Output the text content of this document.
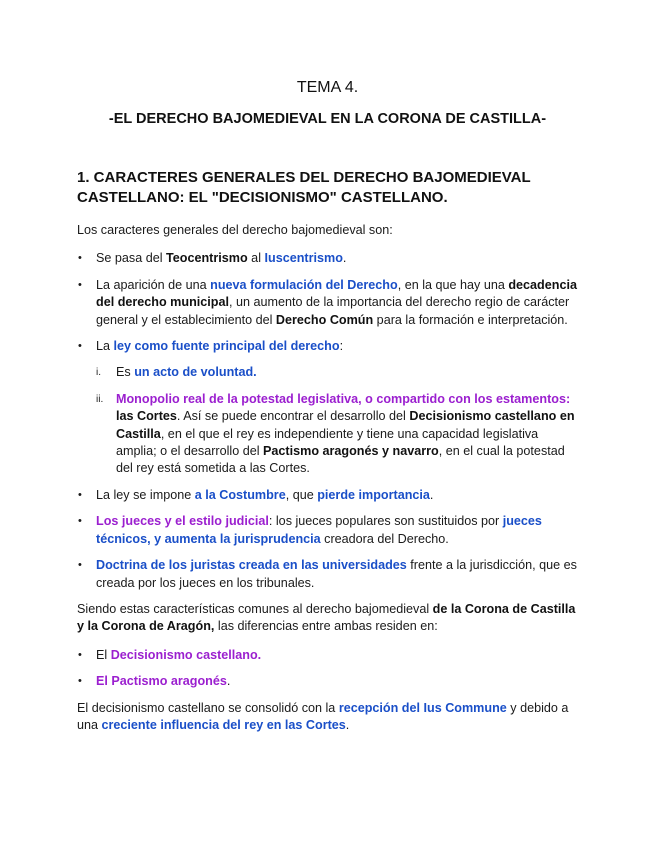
TEMA 4.
-EL DERECHO BAJOMEDIEVAL EN LA CORONA DE CASTILLA-
1. CARACTERES GENERALES DEL DERECHO BAJOMEDIEVAL
CASTELLANO: EL "DECISIONISMO" CASTELLANO.

Los caracteres generales del derecho bajomedieval son:

• Se pasa del Teocentrismo al Iuscentrismo.
• La aparición de una nueva formulación del Derecho, en la que hay una decadencia del derecho municipal, un aumento de la importancia del derecho regio de carácter general y el establecimiento del Derecho Común para la formación e interpretación.
• La ley como fuente principal del derecho:
i. Es un acto de voluntad.
ii. Monopolio real de la potestad legislativa, o compartido con los estamentos: las Cortes. Así se puede encontrar el desarrollo del Decisionismo castellano en Castilla, en el que el rey es independiente y tiene una capacidad legislativa amplia; o el desarrollo del Pactismo aragonés y navarro, en el cual la potestad del rey está sometida a las Cortes.
• La ley se impone a la Costumbre, que pierde importancia.
• Los jueces y el estilo judicial: los jueces populares son sustituidos por jueces técnicos, y aumenta la jurisprudencia creadora del Derecho.
• Doctrina de los juristas creada en las universidades frente a la jurisdicción, que es creada por los jueces en los tribunales.

Siendo estas características comunes al derecho bajomedieval de la Corona de Castilla y la Corona de Aragón, las diferencias entre ambas residen en:

• El Decisionismo castellano.
• El Pactismo aragonés.

El decisionismo castellano se consolidó con la recepción del Ius Commune y debido a una creciente influencia del rey en las Cortes.
